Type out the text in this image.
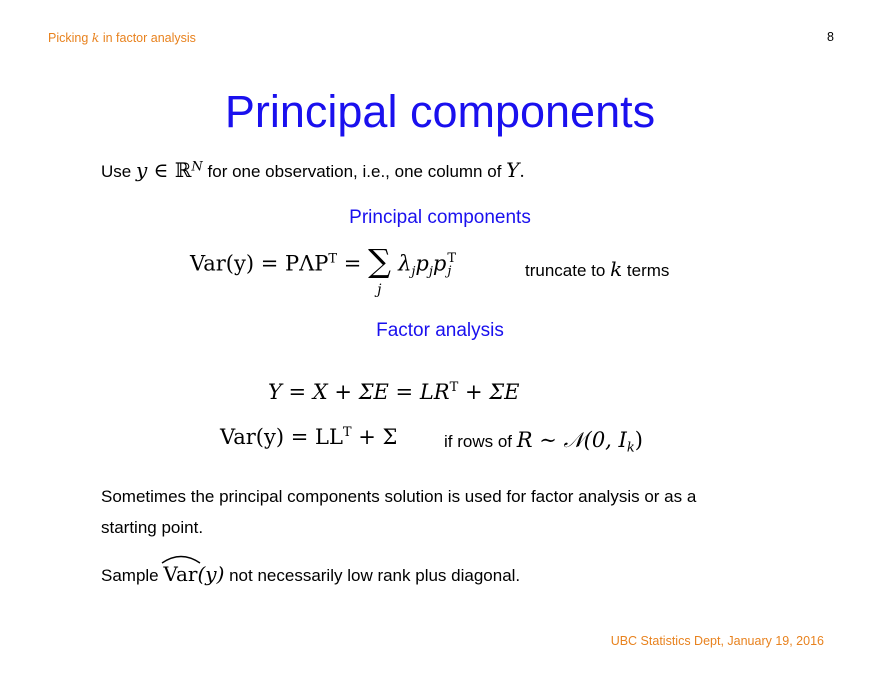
Picking k in factor analysis	8
Principal components
Use y ∈ ℝ$^N$ for one observation, i.e., one column of Y.
Principal components
$Var(y) = P\Lambda P^T$ = ∑
j
$\lambda_jp_jp$ T
j	truncate to k terms
Factor analysis
$Y = X + \Sigma E = LR^T + \Sigma E$
$Var(y) = LL^T + \Sigma$	if rows of R ∼ 𝒩(0, $I_k$)
Sometimes the principal components solution is used for factor analysis or as a
starting point.
Sample
Var(y) not necessarily low rank plus diagonal.
UBC Statistics Dept, January 19, 2016
